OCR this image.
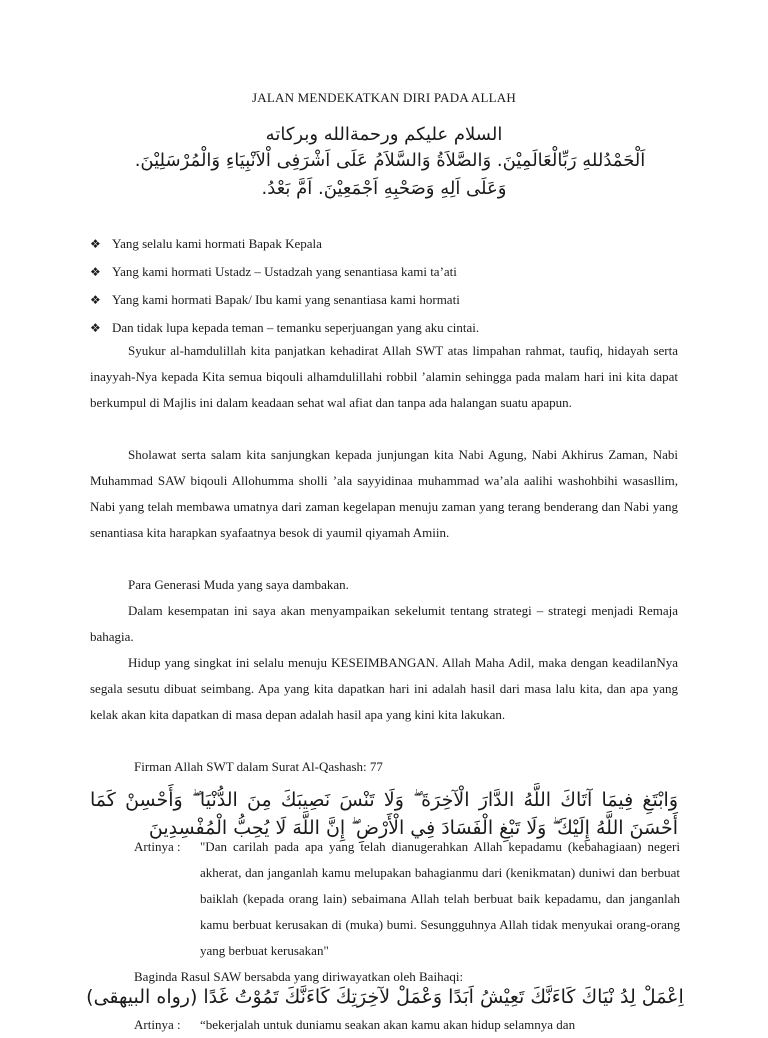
JALAN MENDEKATKAN DIRI PADA ALLAH
السلام عليكم ورحمةالله وبركاته
اَلْحَمْدُللهِ رَبِّالْعَالَمِيْنَ. وَالصَّلاَةُ وَالسَّلاَمُ عَلَى اَشْرَفِى اْلاَنْبِيَاءِ وَالْمُرْسَلِيْنَ.
وَعَلَى اَلِهِ وَصَحْبِهِ اَجْمَعِيْنَ. اَمَّ بَعْدُ.
❖ Yang selalu kami hormati Bapak Kepala
❖ Yang kami hormati Ustadz – Ustadzah yang senantiasa kami ta’ati
❖ Yang kami hormati Bapak/ Ibu kami yang senantiasa kami hormati
❖ Dan tidak lupa kepada teman – temanku seperjuangan yang aku cintai.

Syukur al-hamdulillah kita panjatkan kehadirat Allah SWT atas limpahan rahmat, taufiq, hidayah serta inayyah-Nya kepada Kita semua biqouli alhamdulillahi robbil ’alamin sehingga pada malam hari ini kita dapat berkumpul di Majlis ini dalam keadaan sehat wal afiat dan tanpa ada halangan suatu apapun.

Sholawat serta salam kita sanjungkan kepada junjungan kita Nabi Agung, Nabi Akhirus Zaman, Nabi Muhammad SAW biqouli Allohumma sholli ’ala sayyidinaa muhammad wa’ala aalihi washohbihi wasasllim, Nabi yang telah membawa umatnya dari zaman kegelapan menuju zaman yang terang benderang dan Nabi yang senantiasa kita harapkan syafaatnya besok di yaumil qiyamah Amiin.

Para Generasi Muda yang saya dambakan.

Dalam kesempatan ini saya akan menyampaikan sekelumit tentang strategi – strategi menjadi Remaja bahagia.

Hidup yang singkat ini selalu menuju KESEIMBANGAN. Allah Maha Adil, maka dengan keadilanNya segala sesutu dibuat seimbang. Apa yang kita dapatkan hari ini adalah hasil dari masa lalu kita, dan apa yang kelak akan kita dapatkan di masa depan adalah hasil apa yang kini kita lakukan.

Firman Allah SWT dalam Surat Al-Qashash: 77

وَابْتَغِ فِيمَا آتَاكَ اللَّهُ الدَّارَ الْآخِرَةَ ۖ وَلَا تَنْسَ نَصِيبَكَ مِنَ الدُّنْيَا ۖ وَأَحْسِنْ كَمَا أَحْسَنَ اللَّهُ إِلَيْكَ ۖ وَلَا تَبْغِ الْفَسَادَ فِي الْأَرْضِ ۖ إِنَّ اللَّهَ لَا يُحِبُّ الْمُفْسِدِينَ
Artinya :	"Dan carilah pada apa yang telah dianugerahkan Allah kepadamu (kebahagiaan) negeri akherat, dan janganlah kamu melupakan bahagianmu dari (kenikmatan) duniwi dan berbuat baiklah (kepada orang lain) sebaimana Allah telah berbuat baik kepadamu, dan janganlah kamu berbuat kerusakan di (muka) bumi. Sesungguhnya Allah tidak menyukai orang-orang yang berbuat kerusakan"

Baginda Rasul SAW bersabda yang diriwayatkan oleh Baihaqi:

اِعْمَلْ لِدُ نْيَاكَ كَاءَنَّكَ تَعِيْشُ اَبَدًا وَعْمَلْ لآخِرَتِكَ كَاءَنَّكَ تَمُوْتُ غَدًا (رواه البيهقى)
Artinya :	“bekerjalah untuk duniamu seakan akan kamu akan hidup selamnya dan
